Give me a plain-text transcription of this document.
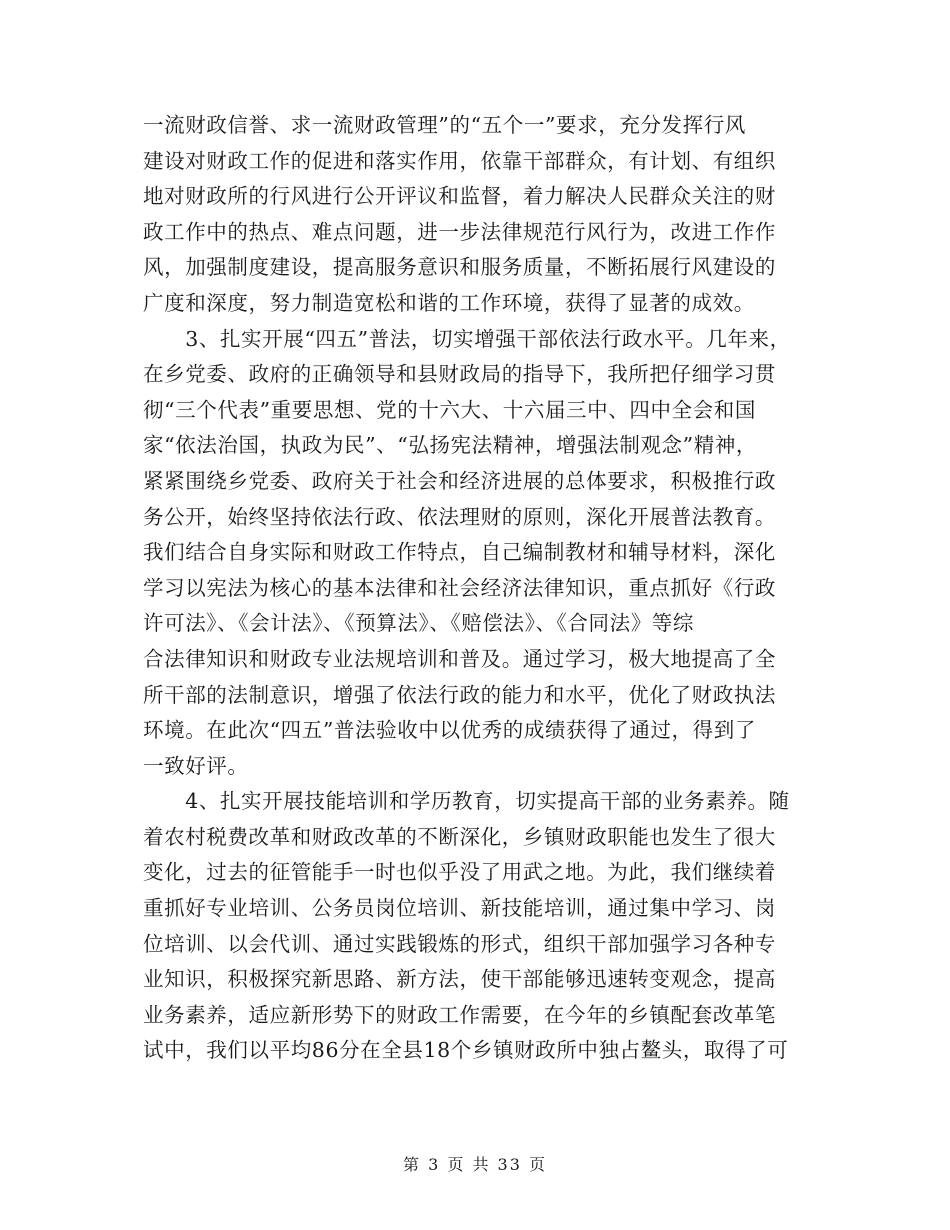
一流财政信誉、求一流财政管理”的“五个一”要求，充分发挥行风
建设对财政工作的促进和落实作用，依靠干部群众，有计划、有组织
地对财政所的行风进行公开评议和监督，着力解决人民群众关注的财
政工作中的热点、难点问题，进一步法律规范行风行为，改进工作作
风，加强制度建设，提高服务意识和服务质量，不断拓展行风建设的
广度和深度，努力制造宽松和谐的工作环境，获得了显著的成效。
　　3、扎实开展“四五”普法，切实增强干部依法行政水平。几年来，
在乡党委、政府的正确领导和县财政局的指导下，我所把仔细学习贯
彻“三个代表”重要思想、党的十六大、十六届三中、四中全会和国
家“依法治国，执政为民”、“弘扬宪法精神，增强法制观念”精神，
紧紧围绕乡党委、政府关于社会和经济进展的总体要求，积极推行政
务公开，始终坚持依法行政、依法理财的原则，深化开展普法教育。
我们结合自身实际和财政工作特点，自己编制教材和辅导材料，深化
学习以宪法为核心的基本法律和社会经济法律知识，重点抓好《行政
许可法》、《会计法》、《预算法》、《赔偿法》、《合同法》等综
合法律知识和财政专业法规培训和普及。通过学习，极大地提高了全
所干部的法制意识，增强了依法行政的能力和水平，优化了财政执法
环境。在此次“四五”普法验收中以优秀的成绩获得了通过，得到了
一致好评。
　　4、扎实开展技能培训和学历教育，切实提高干部的业务素养。随
着农村税费改革和财政改革的不断深化，乡镇财政职能也发生了很大
变化，过去的征管能手一时也似乎没了用武之地。为此，我们继续着
重抓好专业培训、公务员岗位培训、新技能培训，通过集中学习、岗
位培训、以会代训、通过实践锻炼的形式，组织干部加强学习各种专
业知识，积极探究新思路、新方法，使干部能够迅速转变观念，提高
业务素养，适应新形势下的财政工作需要，在今年的乡镇配套改革笔
试中，我们以平均86分在全县18个乡镇财政所中独占鳌头，取得了可
第 3 页 共 33 页
